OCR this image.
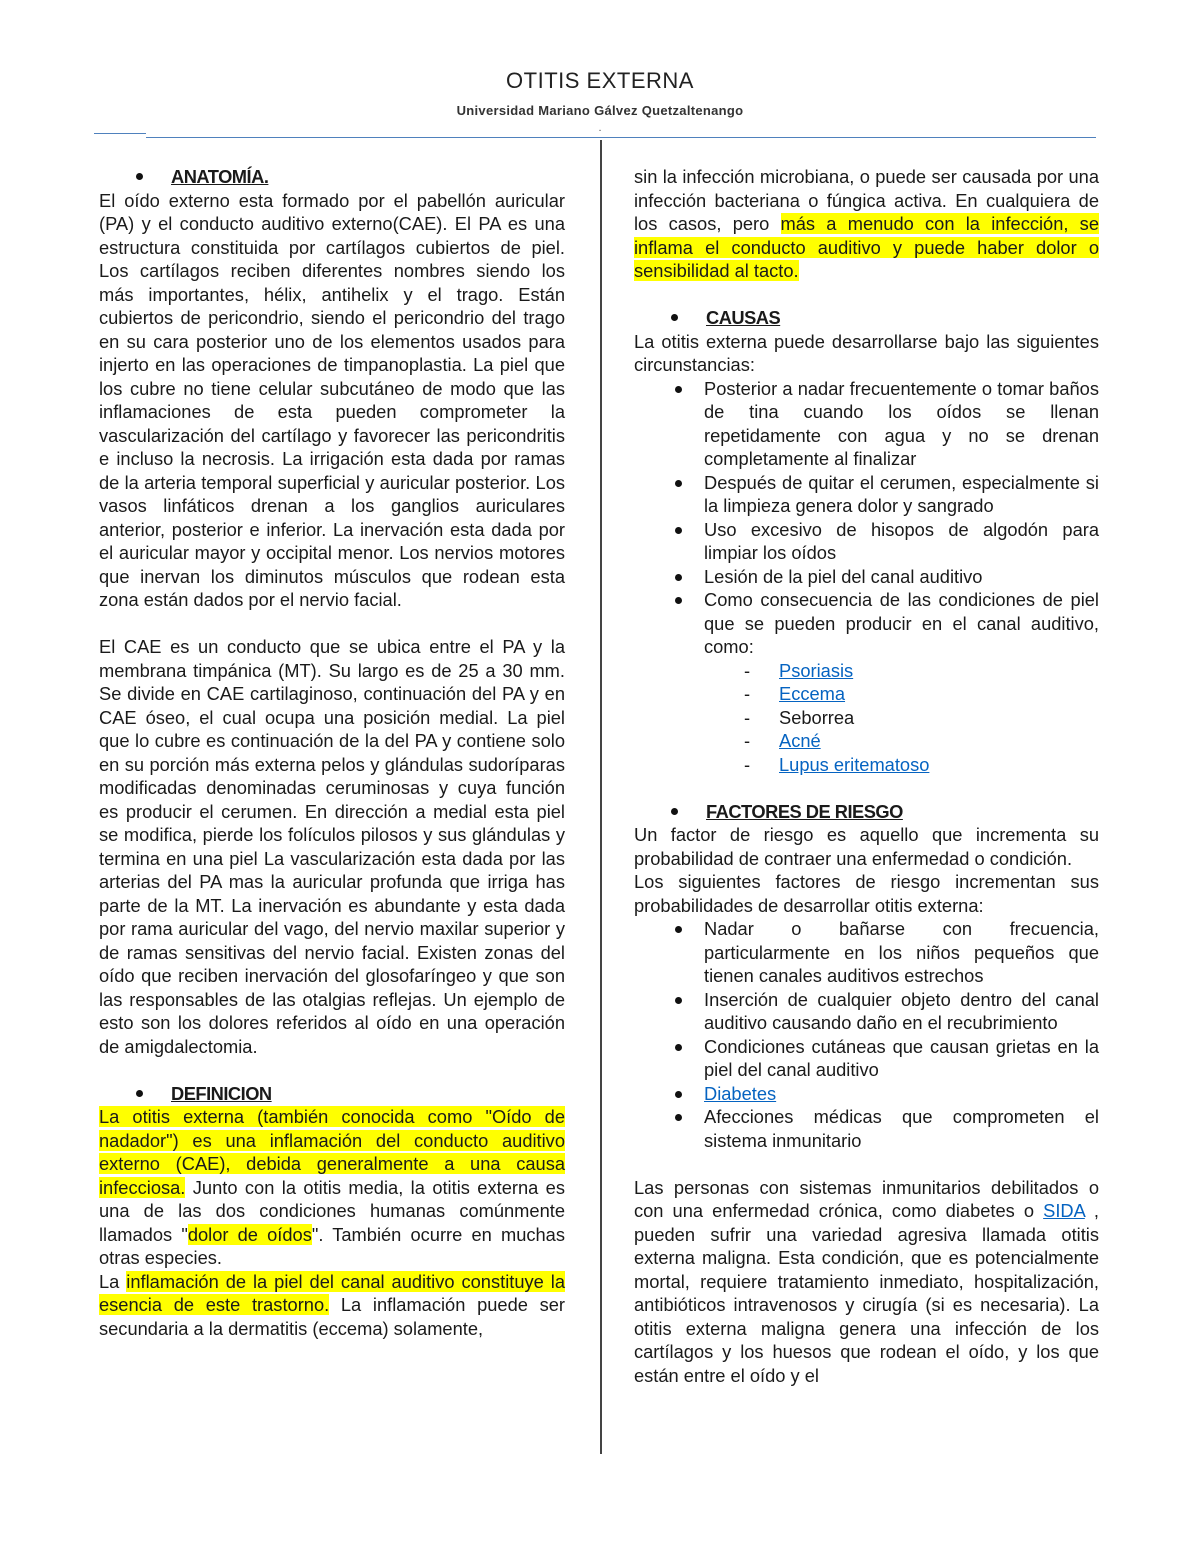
OTITIS EXTERNA
Universidad Mariano Gálvez Quetzaltenango
.
ANATOMÍA.

El oído externo esta formado por el pabellón auricular (PA) y el conducto auditivo externo(CAE). El PA es una estructura constituida por cartílagos cubiertos de piel. Los cartílagos reciben diferentes nombres siendo los más importantes, hélix, antihelix y el trago. Están cubiertos de pericondrio, siendo el pericondrio del trago en su cara posterior uno de los elementos usados para injerto en las operaciones de timpanoplastia. La piel que los cubre no tiene celular subcutáneo de modo que las inflamaciones de esta pueden comprometer la vascularización del cartílago y favorecer las pericondritis e incluso la necrosis. La irrigación esta dada por ramas de la arteria temporal superficial y auricular posterior. Los vasos linfáticos drenan a los ganglios auriculares anterior, posterior e inferior. La inervación esta dada por el auricular mayor y occipital menor. Los nervios motores que inervan los diminutos músculos que rodean esta zona están dados por el nervio facial.

El CAE es un conducto que se ubica entre el PA y la membrana timpánica (MT). Su largo es de 25 a 30 mm. Se divide en CAE cartilaginoso, continuación del PA y en CAE óseo, el cual ocupa una posición medial. La piel que lo cubre es continuación de la del PA y contiene solo en su porción más externa pelos y glándulas sudoríparas modificadas denominadas ceruminosas y cuya función es producir el cerumen. En dirección a medial esta piel se modifica, pierde los folículos pilosos y sus glándulas y termina en una piel La vascularización esta dada por las arterias del PA mas la auricular profunda que irriga has parte de la MT. La inervación es abundante y esta dada por rama auricular del vago, del nervio maxilar superior y de ramas sensitivas del nervio facial. Existen zonas del oído que reciben inervación del glosofaríngeo y que son las responsables de las otalgias reflejas. Un ejemplo de esto son los dolores referidos al oído en una operación de amigdalectomia.

DEFINICION

La otitis externa (también conocida como "Oído de nadador") es una inflamación del conducto auditivo externo (CAE), debida generalmente a una causa infecciosa. Junto con la otitis media, la otitis externa es una de las dos condiciones humanas comúnmente llamados "dolor de oídos". También ocurre en muchas otras especies.

La inflamación de la piel del canal auditivo constituye la esencia de este trastorno. La inflamación puede ser secundaria a la dermatitis (eccema) solamente,

sin la infección microbiana, o puede ser causada por una infección bacteriana o fúngica activa. En cualquiera de los casos, pero más a menudo con la infección, se inflama el conducto auditivo y puede haber dolor o sensibilidad al tacto.

CAUSAS

La otitis externa puede desarrollarse bajo las siguientes circunstancias:

Posterior a nadar frecuentemente o tomar baños de tina cuando los oídos se llenan repetidamente con agua y no se drenan completamente al finalizar
Después de quitar el cerumen, especialmente si la limpieza genera dolor y sangrado
Uso excesivo de hisopos de algodón para limpiar los oídos
Lesión de la piel del canal auditivo
Como consecuencia de las condiciones de piel que se pueden producir en el canal auditivo, como:
- Psoriasis
- Eccema
- Seborrea
- Acné
- Lupus eritematoso
FACTORES DE RIESGO

Un factor de riesgo es aquello que incrementa su probabilidad de contraer una enfermedad o condición.

Los siguientes factores de riesgo incrementan sus probabilidades de desarrollar otitis externa:

Nadar o bañarse con frecuencia, particularmente en los niños pequeños que tienen canales auditivos estrechos
Inserción de cualquier objeto dentro del canal auditivo causando daño en el recubrimiento
Condiciones cutáneas que causan grietas en la piel del canal auditivo
Diabetes
Afecciones médicas que comprometen el sistema inmunitario

Las personas con sistemas inmunitarios debilitados o con una enfermedad crónica, como diabetes o SIDA , pueden sufrir una variedad agresiva llamada otitis externa maligna. Esta condición, que es potencialmente mortal, requiere tratamiento inmediato, hospitalización, antibióticos intravenosos y cirugía (si es necesaria). La otitis externa maligna genera una infección de los cartílagos y los huesos que rodean el oído, y los que están entre el oído y el
